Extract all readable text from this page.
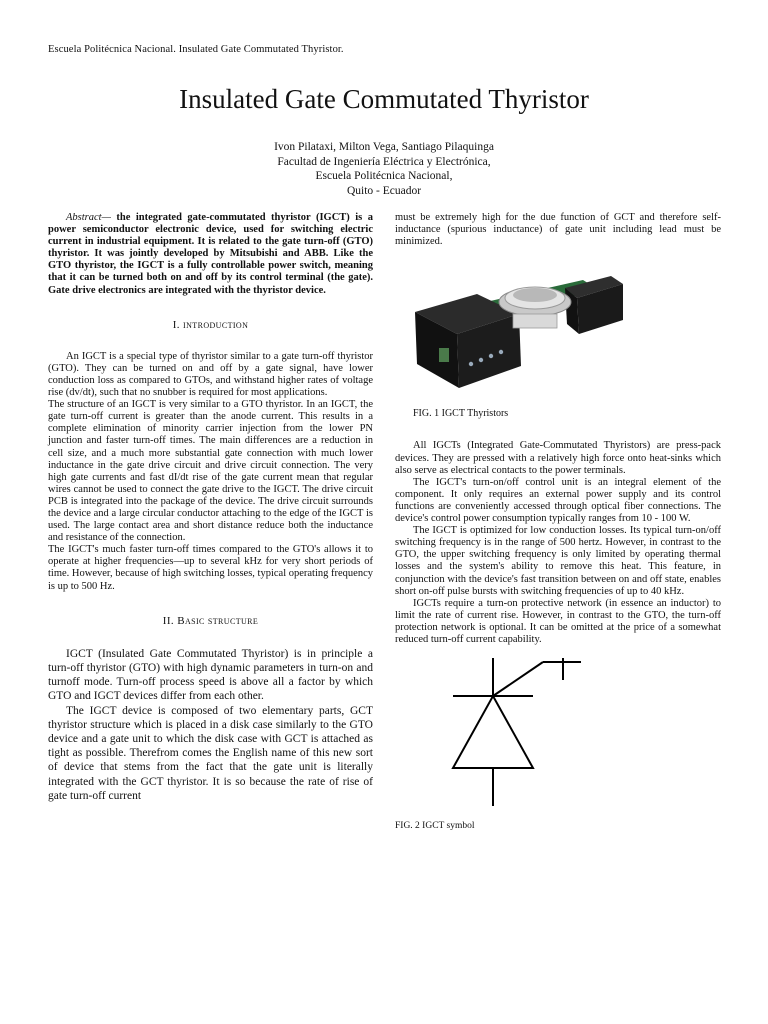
Escuela Politécnica Nacional. Insulated Gate Commutated Thyristor.
Insulated Gate Commutated Thyristor
Ivon Pilataxi, Milton Vega, Santiago Pilaquinga
Facultad de Ingeniería Eléctrica y Electrónica,
Escuela Politécnica Nacional,
Quito - Ecuador

Abstract— the integrated gate-commutated thyristor (IGCT) is a power semiconductor electronic device, used for switching electric current in industrial equipment. It is related to the gate turn-off (GTO) thyristor. It was jointly developed by Mitsubishi and ABB. Like the GTO thyristor, the IGCT is a fully controllable power switch, meaning that it can be turned both on and off by its control terminal (the gate). Gate drive electronics are integrated with the thyristor device.

I. introduction

An IGCT is a special type of thyristor similar to a gate turn-off thyristor (GTO). They can be turned on and off by a gate signal, have lower conduction loss as compared to GTOs, and withstand higher rates of voltage rise (dv/dt), such that no snubber is required for most applications.

The structure of an IGCT is very similar to a GTO thyristor. In an IGCT, the gate turn-off current is greater than the anode current. This results in a complete elimination of minority carrier injection from the lower PN junction and faster turn-off times. The main differences are a reduction in cell size, and a much more substantial gate connection with much lower inductance in the gate drive circuit and drive circuit connection. The very high gate currents and fast dI/dt rise of the gate current mean that regular wires cannot be used to connect the gate drive to the IGCT. The drive circuit PCB is integrated into the package of the device. The drive circuit surrounds the device and a large circular conductor attaching to the edge of the IGCT is used. The large contact area and short distance reduce both the inductance and resistance of the connection.

The IGCT's much faster turn-off times compared to the GTO's allows it to operate at higher frequencies—up to several kHz for very short periods of time. However, because of high switching losses, typical operating frequency is up to 500 Hz.

II. Basic structure

IGCT (Insulated Gate Commutated Thyristor) is in principle a turn-off thyristor (GTO) with high dynamic parameters in turn-on and turnoff mode. Turn-off process speed is above all a factor by which GTO and IGCT devices differ from each other.

The IGCT device is composed of two elementary parts, GCT thyristor structure which is placed in a disk case similarly to the GTO device and a gate unit to which the disk case with GCT is attached as tight as possible. Therefrom comes the English name of this new sort of device that stems from the fact that the gate unit is literally integrated with the GCT thyristor. It is so because the rate of rise of gate turn-off current

must be extremely high for the due function of GCT and therefore self-inductance (spurious inductance) of gate unit including lead must be minimized.

FIG. 1 IGCT Thyristors

All IGCTs (Integrated Gate-Commutated Thyristors) are press-pack devices. They are pressed with a relatively high force onto heat-sinks which also serve as electrical contacts to the power terminals.

The IGCT's turn-on/off control unit is an integral element of the component. It only requires an external power supply and its control functions are conveniently accessed through optical fiber connections. The device's control power consumption typically ranges from 10 - 100 W.

The IGCT is optimized for low conduction losses. Its typical turn-on/off switching frequency is in the range of 500 hertz. However, in contrast to the GTO, the upper switching frequency is only limited by operating thermal losses and the system's ability to remove this heat. This feature, in conjunction with the device's fast transition between on and off state, enables short on-off pulse bursts with switching frequencies of up to 40 kHz.

IGCTs require a turn-on protective network (in essence an inductor) to limit the rate of current rise. However, in contrast to the GTO, the turn-off protection network is optional. It can be omitted at the price of a somewhat reduced turn-off current capability.

FIG. 2 IGCT symbol
